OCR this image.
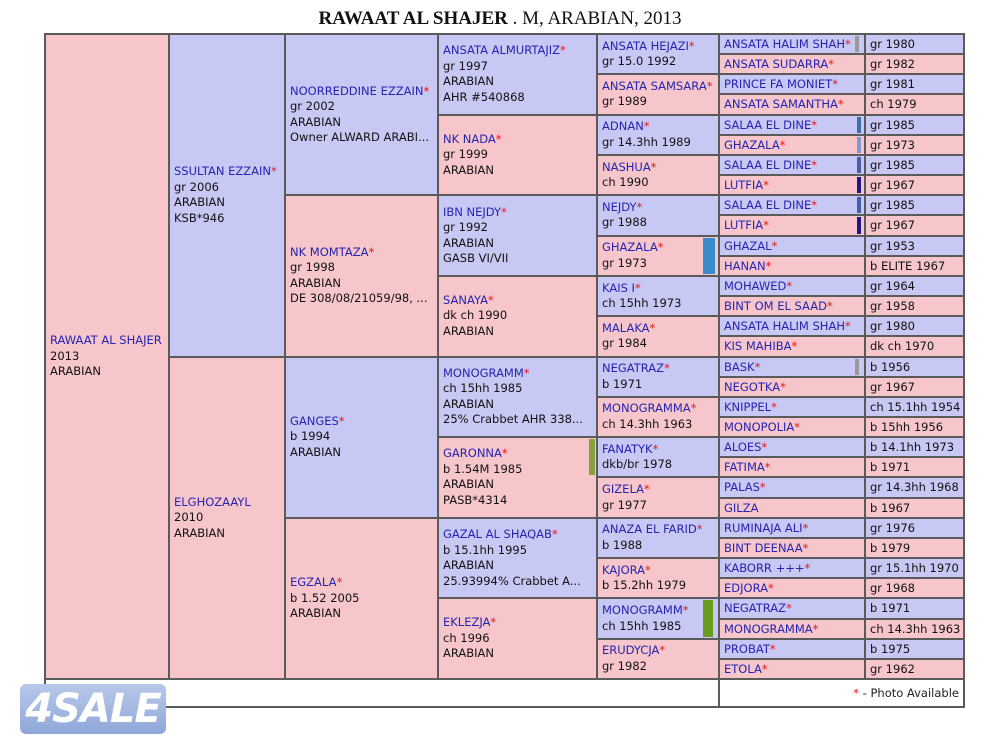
RAWAAT AL SHAJER . M, ARABIAN, 2013
RAWAAT AL SHAJER
2013
ARABIAN
SSULTAN EZZAIN*
gr 2006
ARABIAN
KSB*946
ELGHOZAAYL
2010
ARABIAN
NOORREDDINE EZZAIN*
gr 2002
ARABIAN
Owner ALWARD ARABI...
NK MOMTAZA*
gr 1998
ARABIAN
DE 308/08/21059/98, ...
GANGES*
b 1994
ARABIAN
EGZALA*
b 1.52 2005
ARABIAN
ANSATA ALMURTAJIZ*
gr 1997
ARABIAN
AHR #540868
NK NADA*
gr 1999
ARABIAN
IBN NEJDY*
gr 1992
ARABIAN
GASB VI/VII
SANAYA*
dk ch 1990
ARABIAN
MONOGRAMM*
ch 15hh 1985
ARABIAN
25% Crabbet AHR 338...
GARONNA*
b 1.54M 1985
ARABIAN
PASB*4314
GAZAL AL SHAQAB*
b 15.1hh 1995
ARABIAN
25.93994% Crabbet A...
EKLEZJA*
ch 1996
ARABIAN
ANSATA HEJAZI*
gr 15.0 1992
ANSATA SAMSARA*
gr 1989
ADNAN*
gr 14.3hh 1989
NASHUA*
ch 1990
NEJDY*
gr 1988
GHAZALA*
gr 1973
KAIS I*
ch 15hh 1973
MALAKA*
gr 1984
NEGATRAZ*
b 1971
MONOGRAMMA*
ch 14.3hh 1963
FANATYK*
dkb/br 1978
GIZELA*
gr 1977
ANAZA EL FARID*
b 1988
KAJORA*
b 15.2hh 1979
MONOGRAMM*
ch 15hh 1985
ERUDYCJA*
gr 1982
ANSATA HALIM SHAH*	gr 1980
ANSATA SUDARRA*	gr 1982
PRINCE FA MONIET*	gr 1981
ANSATA SAMANTHA*	ch 1979
SALAA EL DINE*	gr 1985
GHAZALA*	gr 1973
SALAA EL DINE*	gr 1985
LUTFIA*	gr 1967
SALAA EL DINE*	gr 1985
LUTFIA*	gr 1967
GHAZAL*	gr 1953
HANAN*	b ELITE 1967
MOHAWED*	gr 1964
BINT OM EL SAAD*	gr 1958
ANSATA HALIM SHAH*	gr 1980
KIS MAHIBA*	dk ch 1970
BASK*	b 1956
NEGOTKA*	gr 1967
KNIPPEL*	ch 15.1hh 1954
MONOPOLIA*	b 15hh 1956
ALOES*	b 14.1hh 1973
FATIMA*	b 1971
PALAS*	gr 14.3hh 1968
GILZA	b 1967
RUMINAJA ALI*	gr 1976
BINT DEENAA*	b 1979
KABORR +++*	gr 15.1hh 1970
EDJORA*	gr 1968
NEGATRAZ*	b 1971
MONOGRAMMA*	ch 14.3hh 1963
PROBAT*	b 1975
ETOLA*	gr 1962
* - Photo Available
4SALE
